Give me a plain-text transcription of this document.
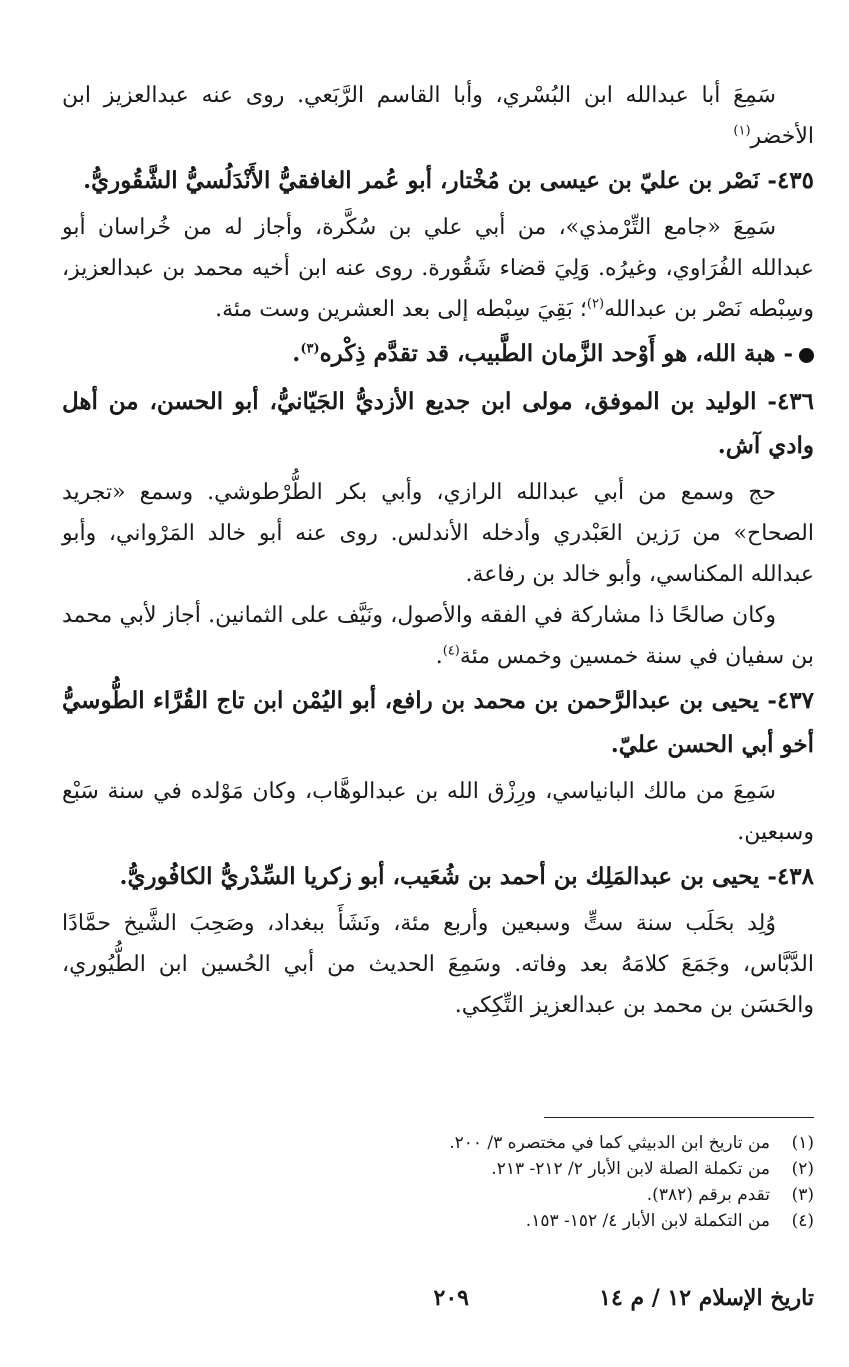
سَمِعَ أبا عبدالله ابن البُسْري، وأبا القاسم الرَّبَعي. روى عنه عبدالعزيز ابن الأخضر$^{(١)}$

٤٣٥- نَصْر بن عليّ بن عيسى بن مُخْتار، أبو عُمر الغافقيُّ الأَنْدَلُسيُّ الشَّقُوريُّ.

سَمِعَ «جامع التِّرْمذي»، من أبي علي بن سُكَّرة، وأجاز له من خُراسان أبو عبدالله الفُرَاوي، وغيرُه. وَلِيَ قضاء شَقُورة. روى عنه ابن أخيه محمد بن عبدالعزيز، وسِبْطه نَصْر بن عبدالله$^{(٢)}$؛ بَقِيَ سِبْطه إلى بعد العشرين وست مئة.

- هبة الله، هو أَوْحد الزَّمان الطَّبيب، قد تقدَّم ذِكْره$^{(٣)}$.

٤٣٦- الوليد بن الموفق، مولى ابن جديع الأزديُّ الجَيّانيُّ، أبو الحسن، من أهل وادي آش.

حج وسمع من أبي عبدالله الرازي، وأبي بكر الطُّرْطوشي. وسمع «تجريد الصحاح» من رَزين العَبْدري وأدخله الأندلس. روى عنه أبو خالد المَرْواني، وأبو عبدالله المكناسي، وأبو خالد بن رفاعة.

وكان صالحًا ذا مشاركة في الفقه والأصول، ونَيَّف على الثمانين. أجاز لأبي محمد بن سفيان في سنة خمسين وخمس مئة$^{(٤)}$.

٤٣٧- يحيى بن عبدالرَّحمن بن محمد بن رافع، أبو اليُمْن ابن تاج القُرَّاء الطُّوسيُّ أخو أبي الحسن عليّ.

سَمِعَ من مالك البانياسي، ورِزْق الله بن عبدالوهَّاب، وكان مَوْلده في سنة سَبْع وسبعين.

٤٣٨- يحيى بن عبدالمَلِك بن أحمد بن شُعَيب، أبو زكريا السِّدْريُّ الكافُوريُّ.

وُلِد بحَلَب سنة ستٍّ وسبعين وأربع مئة، ونَشَأَ ببغداد، وصَحِبَ الشَّيخ حمَّادًا الدَّبَّاس، وجَمَعَ كلامَهُ بعد وفاته. وسَمِعَ الحديث من أبي الحُسين ابن الطُّيُوري، والحَسَن بن محمد بن عبدالعزيز التِّكِكي.

(١)
من تاريخ ابن الدبيثي كما في مختصره ٣/ ٢٠٠.
(٢)
من تكملة الصلة لابن الأبار ٢/ ٢١٢- ٢١٣.
(٣)
تقدم برقم (٣٨٢).
(٤)
من التكملة لابن الأبار ٤/ ١٥٢- ١٥٣.
تاريخ الإسلام ١٢ / م ١٤
٢٠٩
